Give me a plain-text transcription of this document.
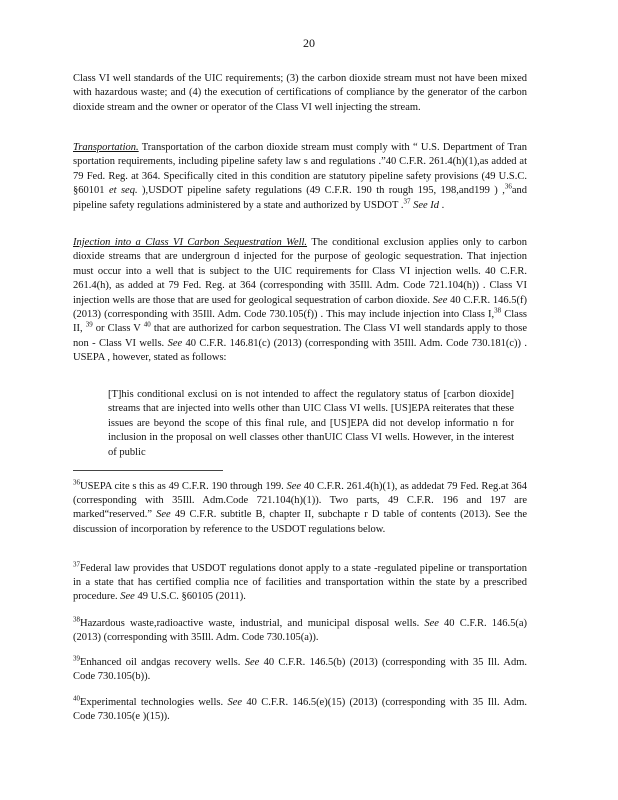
20

Class VI well standards of the UIC requirements; (3) the carbon dioxide stream must not have been mixed with hazardous waste; and (4) the execution of certifications of compliance by the generator of the carbon dioxide stream and the owner or operator of the Class VI well injecting the stream.

Transportation. Transportation of the carbon dioxide stream must comply with “ U.S. Department of Tran sportation requirements, including pipeline safety law s and regulations .”40 C.F.R. 261.4(h)(1),as added at 79 Fed. Reg. at 364. Specifically cited in this condition are statutory pipeline safety provisions (49 U.S.C. §60101 et seq. ),USDOT pipeline safety regulations (49 C.F.R. 190 th rough 195, 198,and199 ) ,$^{36}$and pipeline safety regulations administered by a state and authorized by USDOT .$^{37}$ See Id .

Injection into a Class VI Carbon Sequestration Well. The conditional exclusion applies only to carbon dioxide streams that are undergroun d injected for the purpose of geologic sequestration. That injection must occur into a well that is subject to the UIC requirements for Class VI injection wells. 40 C.F.R. 261.4(h), as added at 79 Fed. Reg. at 364 (corresponding with 35Ill. Adm. Code 721.104(h)) . Class VI injection wells are those that are used for geological sequestration of carbon dioxide. See 40 C.F.R. 146.5(f) (2013) (corresponding with 35Ill. Adm. Code 730.105(f)) . This may include injection into Class I,$^{38}$ Class II, $^{39}$ or Class V $^{40}$ that are authorized for carbon sequestration. The Class VI well standards apply to those non - Class VI wells. See 40 C.F.R. 146.81(c) (2013) (corresponding with 35Ill. Adm. Code 730.181(c)) . USEPA , however, stated as follows:

[T]his conditional exclusi on is not intended to affect the regulatory status of [carbon dioxide] streams that are injected into wells other than UIC Class VI wells. [US]EPA reiterates that these issues are beyond the scope of this final rule, and [US]EPA did not develop informatio n for inclusion in the proposal on well classes other thanUIC Class VI wells. However, in the interest of public

$^{36}$USEPA cite s this as 49 C.F.R. 190 through 199. See 40 C.F.R. 261.4(h)(1), as addedat 79 Fed. Reg.at 364 (corresponding with 35Ill. Adm.Code 721.104(h)(1)). Two parts, 49 C.F.R. 196 and 197 are marked“reserved.” See 49 C.F.R. subtitle B, chapter II, subchapte r D table of contents (2013). See the discussion of incorporation by reference to the USDOT regulations below.

$^{37}$Federal law provides that USDOT regulations donot apply to a state -regulated pipeline or transportation in a state that has certified complia nce of facilities and transportation within the state by a prescribed procedure. See 49 U.S.C. §60105 (2011).

$^{38}$Hazardous waste,radioactive waste, industrial, and municipal disposal wells. See 40 C.F.R. 146.5(a) (2013) (corresponding with 35Ill. Adm. Code 730.105(a)).

$^{39}$Enhanced oil andgas recovery wells. See 40 C.F.R. 146.5(b) (2013) (corresponding with 35 Ill. Adm. Code 730.105(b)).

$^{40}$Experimental technologies wells. See 40 C.F.R. 146.5(e)(15) (2013) (corresponding with 35 Ill. Adm. Code 730.105(e )(15)).
